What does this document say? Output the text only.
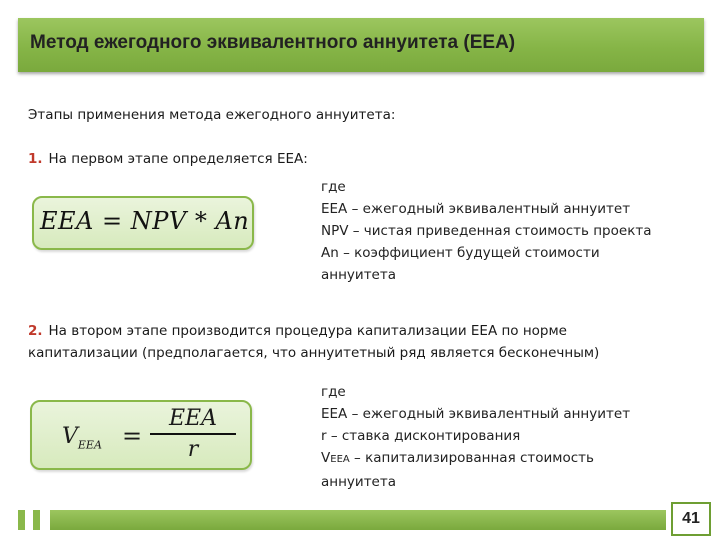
Метод ежегодного эквивалентного аннуитета (ЕЕА)
Этапы применения метода ежегодного аннуитета:
1. На первом этапе определяется ЕЕА:
EEA = NPV * An
где
ЕЕА – ежегодный эквивалентный аннуитет
NPV – чистая приведенная стоимость проекта
An – коэффициент будущей стоимости
аннуитета
2. На втором этапе производится процедура капитализации ЕЕА по норме капитализации (предполагается, что аннуитетный ряд является бесконечным)
$V_{EEA}$ =
EEA
r
где
ЕЕА – ежегодный эквивалентный аннуитет
r – ставка дисконтирования
VЕЕА – капитализированная стоимость
аннуитета
41
